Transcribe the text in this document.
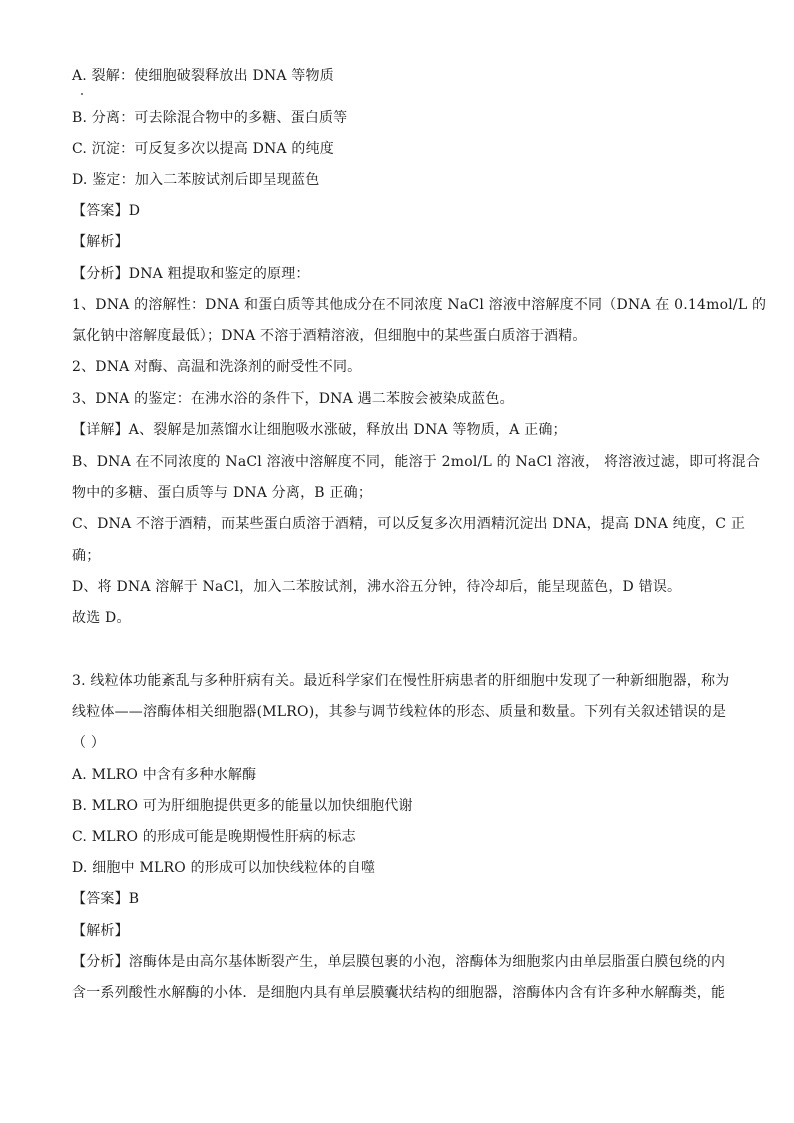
A. 裂解：使细胞破裂释放出 DNA 等物质
B. 分离：可去除混合物中的多糖、蛋白质等
C. 沉淀：可反复多次以提高 DNA 的纯度
D. 鉴定：加入二苯胺试剂后即呈现蓝色
【答案】D
【解析】
【分析】DNA 粗提取和鉴定的原理：
1、DNA 的溶解性：DNA 和蛋白质等其他成分在不同浓度 NaCl 溶液中溶解度不同（DNA 在 0.14mol/L 的
氯化钠中溶解度最低）；DNA 不溶于酒精溶液，但细胞中的某些蛋白质溶于酒精。
2、DNA 对酶、高温和洗涤剂的耐受性不同。
3、DNA 的鉴定：在沸水浴的条件下，DNA 遇二苯胺会被染成蓝色。
【详解】A、裂解是加蒸馏水让细胞吸水涨破，释放出 DNA 等物质，A 正确；
B、DNA 在不同浓度的 NaCl 溶液中溶解度不同，能溶于 2mol/L 的 NaCl 溶液， 将溶液过滤，即可将混合
物中的多糖、蛋白质等与 DNA 分离，B 正确；
C、DNA 不溶于酒精，而某些蛋白质溶于酒精，可以反复多次用酒精沉淀出 DNA，提高 DNA 纯度，C 正
确；
D、将 DNA 溶解于 NaCl，加入二苯胺试剂，沸水浴五分钟，待冷却后，能呈现蓝色，D 错误。
故选 D。
3. 线粒体功能紊乱与多种肝病有关。最近科学家们在慢性肝病患者的肝细胞中发现了一种新细胞器，称为
线粒体——溶酶体相关细胞器(MLRO)，其参与调节线粒体的形态、质量和数量。下列有关叙述错误的是
（ ）
A. MLRO 中含有多种水解酶
B. MLRO 可为肝细胞提供更多的能量以加快细胞代谢
C. MLRO 的形成可能是晚期慢性肝病的标志
D. 细胞中 MLRO 的形成可以加快线粒体的自噬
【答案】B
【解析】
【分析】溶酶体是由高尔基体断裂产生，单层膜包裹的小泡，溶酶体为细胞浆内由单层脂蛋白膜包绕的内
含一系列酸性水解酶的小体．是细胞内具有单层膜囊状结构的细胞器，溶酶体内含有许多种水解酶类，能
